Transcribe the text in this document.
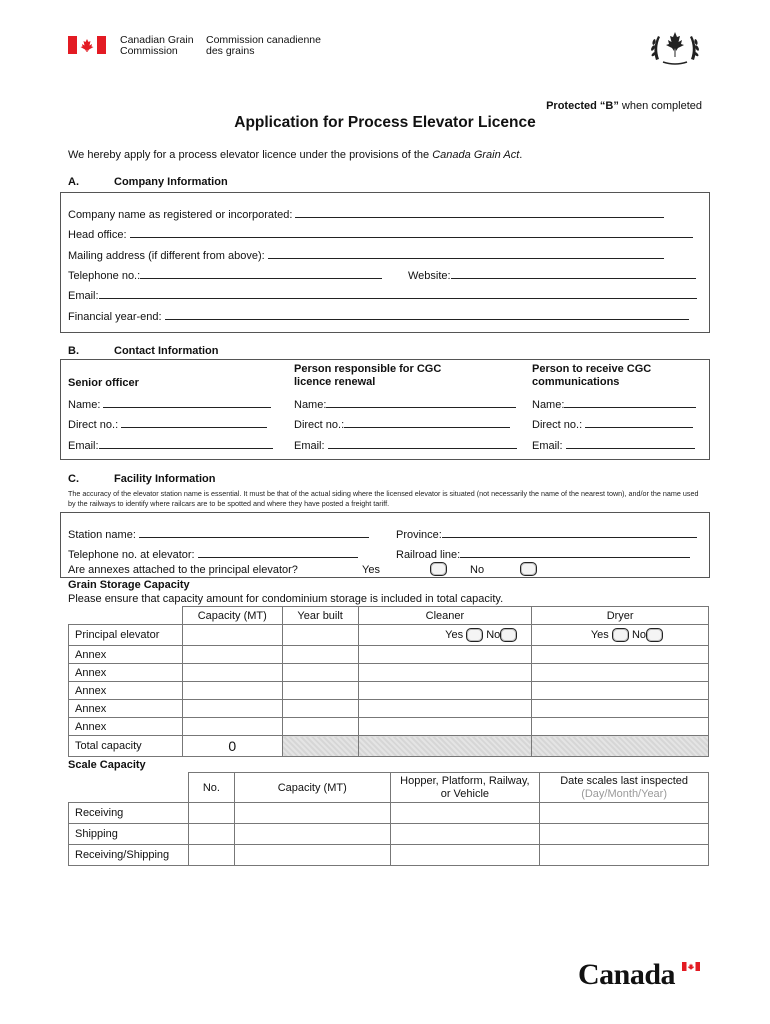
Canadian Grain
Commission
Commission canadienne
des grains
Protected “B” when completed
Application for Process Elevator Licence
We hereby apply for a process elevator licence under the provisions of the Canada Grain Act.
A.	Company Information
Company name as registered or incorporated:
Head office:
Mailing address (if different from above):
Telephone no.:	Website:
Email:
Financial year-end:
B.	Contact Information
Senior officer
Person responsible for CGC licence renewal
Person to receive CGC communications
Name:	Name:	Name:
Direct no.:	Direct no.:	Direct no.:
Email:	Email:	Email:
C.	Facility Information
The accuracy of the elevator station name is essential. It must be that of the actual siding where the licensed elevator is situated (not necessarily the name of the nearest town), and/or the name used by the railways to identify where railcars are to be spotted and where they have posted a freight tariff.
Station name:	Province:
Telephone no. at elevator:	Railroad line:
Are annexes attached to the principal elevator?	Yes	No
Grain Storage Capacity
Please ensure that capacity amount for condominium storage is included in total capacity.
	Capacity (MT)	Year built	Cleaner	Dryer
Principal elevator			Yes No	Yes No
Annex				
Annex				
Annex				
Annex				
Annex				
Total capacity	0			
Scale Capacity
	No.	Capacity (MT)	Hopper, Platform, Railway, or Vehicle	Date scales last inspected
(Day/Month/Year)

Receiving				
Shipping				
Receiving/Shipping				
Canada
